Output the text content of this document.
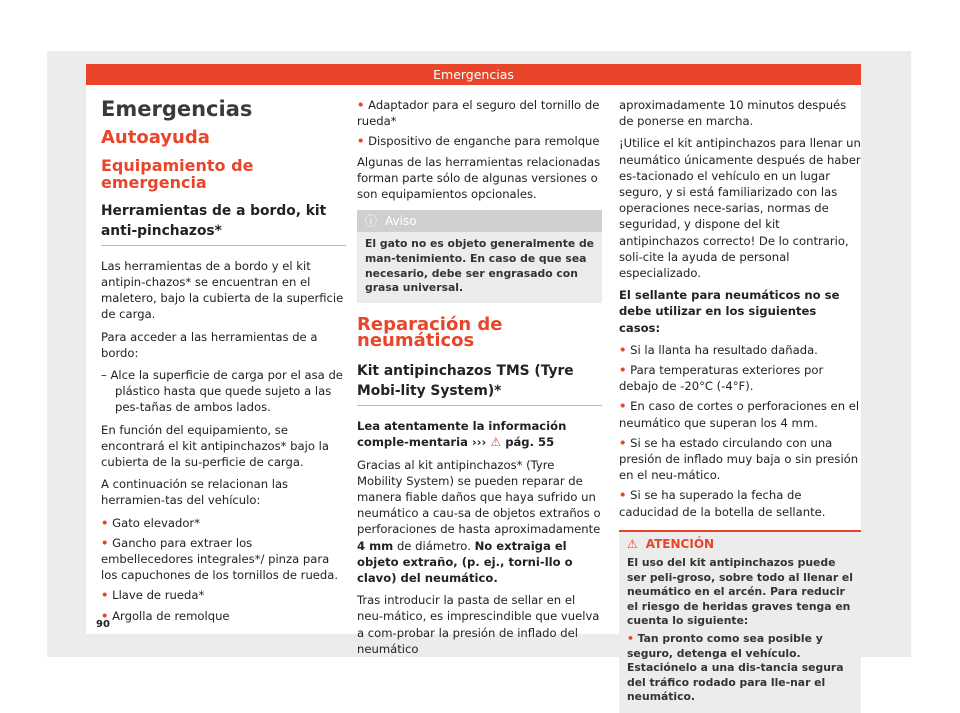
Emergencias
Emergencias
Autoayuda
Equipamiento de emergencia
Herramientas de a bordo, kit anti-pinchazos*

Las herramientas de a bordo y el kit antipin-chazos* se encuentran en el maletero, bajo la cubierta de la superficie de carga.

Para acceder a las herramientas de a bordo:

– Alce la superficie de carga por el asa de plástico hasta que quede sujeto a las pes-tañas de ambos lados.

En función del equipamiento, se encontrará el kit antipinchazos* bajo la cubierta de la su-perficie de carga.

A continuación se relacionan las herramien-tas del vehículo:

• Gato elevador*
• Gancho para extraer los embellecedores integrales*/ pinza para los capuchones de los tornillos de rueda.
• Llave de rueda*
• Argolla de remolque
• Adaptador para el seguro del tornillo de rueda*
• Dispositivo de enganche para remolque

Algunas de las herramientas relacionadas forman parte sólo de algunas versiones o son equipamientos opcionales.

ⓘ Aviso
El gato no es objeto generalmente de man-tenimiento. En caso de que sea necesario, debe ser engrasado con grasa universal.
Reparación de neumáticos
Kit antipinchazos TMS (Tyre Mobi-lity System)*

Lea atentamente la información comple-mentaria ››› ⚠ pág. 55

Gracias al kit antipinchazos* (Tyre Mobility System) se pueden reparar de manera fiable daños que haya sufrido un neumático a cau-sa de objetos extraños o perforaciones de hasta aproximadamente 4 mm de diámetro. No extraiga el objeto extraño, (p. ej., torni-llo o clavo) del neumático.

Tras introducir la pasta de sellar en el neu-mático, es imprescindible que vuelva a com-probar la presión de inflado del neumático

aproximadamente 10 minutos después de ponerse en marcha.

¡Utilice el kit antipinchazos para llenar un neumático únicamente después de haber es-tacionado el vehículo en un lugar seguro, y si está familiarizado con las operaciones nece-sarias, normas de seguridad, y dispone del kit antipinchazos correcto! De lo contrario, soli-cite la ayuda de personal especializado.

El sellante para neumáticos no se debe utilizar en los siguientes casos:

• Si la llanta ha resultado dañada.
• Para temperaturas exteriores por debajo de -20°C (-4°F).
• En caso de cortes o perforaciones en el neumático que superan los 4 mm.
• Si se ha estado circulando con una presión de inflado muy baja o sin presión en el neu-mático.
• Si se ha superado la fecha de caducidad de la botella de sellante.
⚠ ATENCIÓN
El uso del kit antipinchazos puede ser peli-groso, sobre todo al llenar el neumático en el arcén. Para reducir el riesgo de heridas graves tenga en cuenta lo siguiente:
• Tan pronto como sea posible y seguro, detenga el vehículo. Estaciónelo a una dis-tancia segura del tráfico rodado para lle-nar el neumático.
90
